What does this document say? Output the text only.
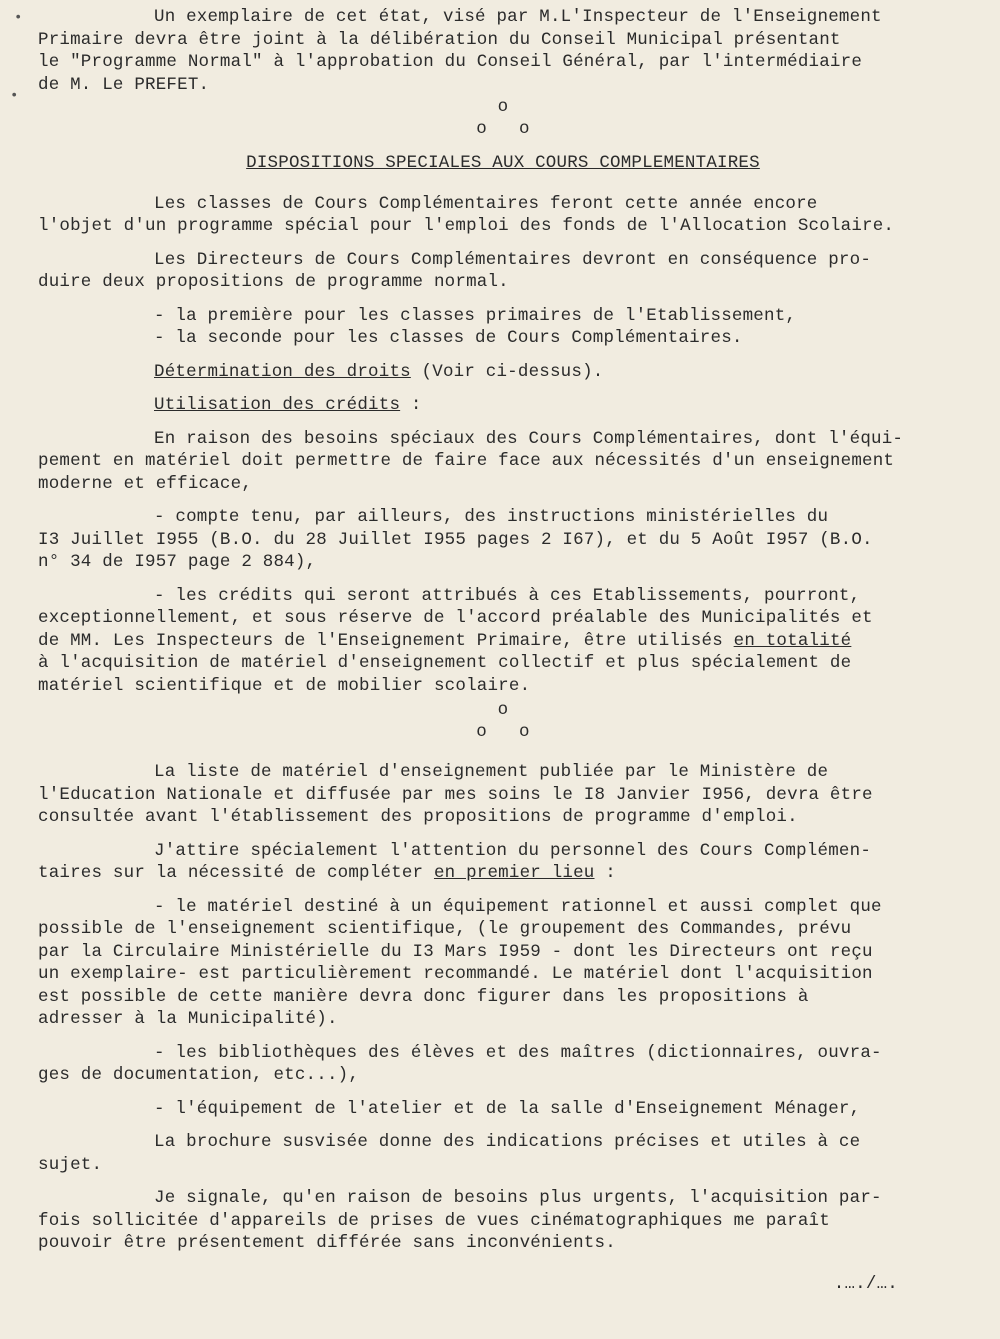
•
•

Un exemplaire de cet état, visé par M.L'Inspecteur de l'Enseignement

Primaire devra être joint à la délibération du Conseil Municipal présentant
le "Programme Normal" à l'approbation du Conseil Général, par l'intermédiaire
de M. Le PREFET.

o
o   o

DISPOSITIONS SPECIALES AUX COURS COMPLEMENTAIRES

Les classes de Cours Complémentaires feront cette année encore
l'objet d'un programme spécial pour l'emploi des fonds de l'Allocation Scolaire.

Les Directeurs de Cours Complémentaires devront en conséquence pro-
duire deux propositions de programme normal.

- la première pour les classes primaires de l'Etablissement,

- la seconde pour les classes de Cours Complémentaires.

Détermination des droits (Voir ci-dessus).

Utilisation des crédits :

En raison des besoins spéciaux des Cours Complémentaires, dont l'équi-
pement en matériel doit permettre de faire face aux nécessités d'un enseignement
moderne et efficace,

- compte tenu, par ailleurs, des instructions ministérielles du
I3 Juillet I955 (B.O. du 28 Juillet I955 pages 2 I67), et du 5 Août I957 (B.O.
n° 34 de I957 page 2 884),

- les crédits qui seront attribués à ces Etablissements, pourront,
exceptionnellement, et sous réserve de l'accord préalable des Municipalités et
de MM. Les Inspecteurs de l'Enseignement Primaire, être utilisés en totalité
à l'acquisition de matériel d'enseignement collectif et plus spécialement de
matériel scientifique et de mobilier scolaire.

o
o   o

La liste de matériel d'enseignement publiée par le Ministère de
l'Education Nationale et diffusée par mes soins le I8 Janvier I956, devra être
consultée avant l'établissement des propositions de programme d'emploi.

J'attire spécialement l'attention du personnel des Cours Complémen-
taires sur la nécessité de compléter en premier lieu :

- le matériel destiné à un équipement rationnel et aussi complet que
possible de l'enseignement scientifique, (le groupement des Commandes, prévu
par la Circulaire Ministérielle du I3 Mars I959 - dont les Directeurs ont reçu
un exemplaire- est particulièrement recommandé. Le matériel dont l'acquisition
est possible de cette manière devra donc figurer dans les propositions à
adresser à la Municipalité).

- les bibliothèques des élèves et des maîtres (dictionnaires, ouvra-
ges de documentation, etc...),

- l'équipement de l'atelier et de la salle d'Enseignement Ménager,

La brochure susvisée donne des indications précises et utiles à ce
sujet.

Je signale, qu'en raison de besoins plus urgents, l'acquisition par-
fois sollicitée d'appareils de prises de vues cinématographiques me paraît
pouvoir être présentement différée sans inconvénients.

.…./….
